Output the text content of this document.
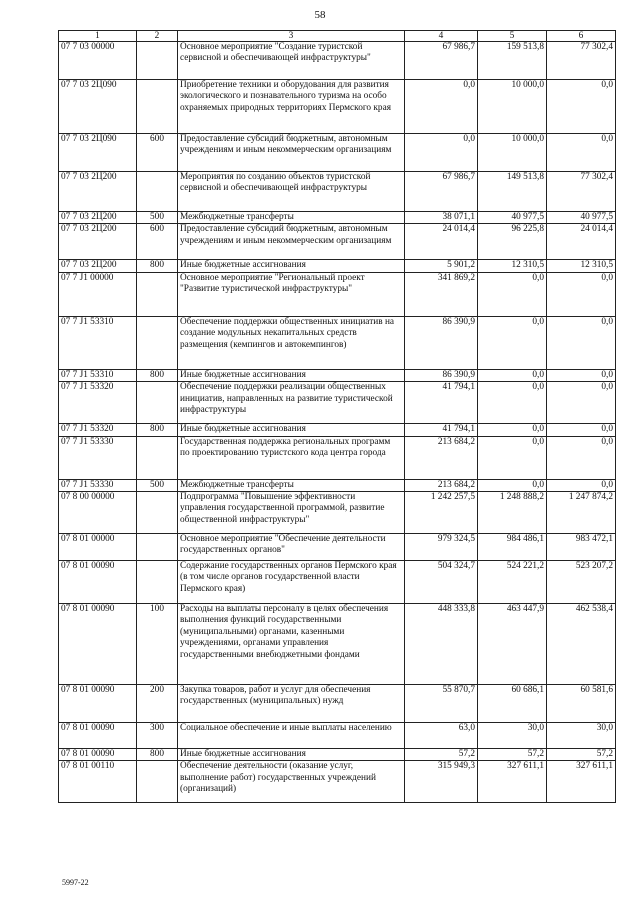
58
1	2	3	4	5	6
07 7 03 00000		Основное мероприятие "Создание туристской сервисной и обеспечивающей инфраструктуры"	67 986,7	159 513,8	77 302,4
07 7 03 2Ц090		Приобретение техники и оборудования для развития экологического и познавательного туризма на особо охраняемых природных территориях Пермского края	0,0	10 000,0	0,0
07 7 03 2Ц090	600	Предоставление субсидий бюджетным, автономным учреждениям и иным некоммерческим организациям	0,0	10 000,0	0,0
07 7 03 2Ц200		Мероприятия по созданию объектов туристской сервисной и обеспечивающей инфраструктуры	67 986,7	149 513,8	77 302,4
07 7 03 2Ц200	500	Межбюджетные трансферты	38 071,1	40 977,5	40 977,5
07 7 03 2Ц200	600	Предоставление субсидий бюджетным, автономным учреждениям и иным некоммерческим организациям	24 014,4	96 225,8	24 014,4
07 7 03 2Ц200	800	Иные бюджетные ассигнования	5 901,2	12 310,5	12 310,5
07 7 J1 00000		Основное мероприятие "Региональный проект "Развитие туристической инфраструктуры"	341 869,2	0,0	0,0
07 7 J1 53310		Обеспечение поддержки общественных инициатив на создание модульных некапитальных средств размещения (кемпингов и автокемпингов)	86 390,9	0,0	0,0
07 7 J1 53310	800	Иные бюджетные ассигнования	86 390,9	0,0	0,0
07 7 J1 53320		Обеспечение поддержки реализации общественных инициатив, направленных на развитие туристической инфраструктуры	41 794,1	0,0	0,0
07 7 J1 53320	800	Иные бюджетные ассигнования	41 794,1	0,0	0,0
07 7 J1 53330		Государственная поддержка региональных программ по проектированию туристского кода центра города	213 684,2	0,0	0,0
07 7 J1 53330	500	Межбюджетные трансферты	213 684,2	0,0	0,0
07 8 00 00000		Подпрограмма "Повышение эффективности управления государственной программой, развитие общественной инфраструктуры"	1 242 257,5	1 248 888,2	1 247 874,2
07 8 01 00000		Основное мероприятие "Обеспечение деятельности государственных органов"	979 324,5	984 486,1	983 472,1
07 8 01 00090		Содержание государственных органов Пермского края (в том числе органов государственной власти Пермского края)	504 324,7	524 221,2	523 207,2
07 8 01 00090	100	Расходы на выплаты персоналу в целях обеспечения выполнения функций государственными (муниципальными) органами, казенными учреждениями, органами управления государственными внебюджетными фондами	448 333,8	463 447,9	462 538,4
07 8 01 00090	200	Закупка товаров, работ и услуг для обеспечения государственных (муниципальных) нужд	55 870,7	60 686,1	60 581,6
07 8 01 00090	300	Социальное обеспечение и иные выплаты населению	63,0	30,0	30,0
07 8 01 00090	800	Иные бюджетные ассигнования	57,2	57,2	57,2
07 8 01 00110		Обеспечение деятельности (оказание услуг, выполнение работ) государственных учреждений (организаций)	315 949,3	327 611,1	327 611,1
5997-22
